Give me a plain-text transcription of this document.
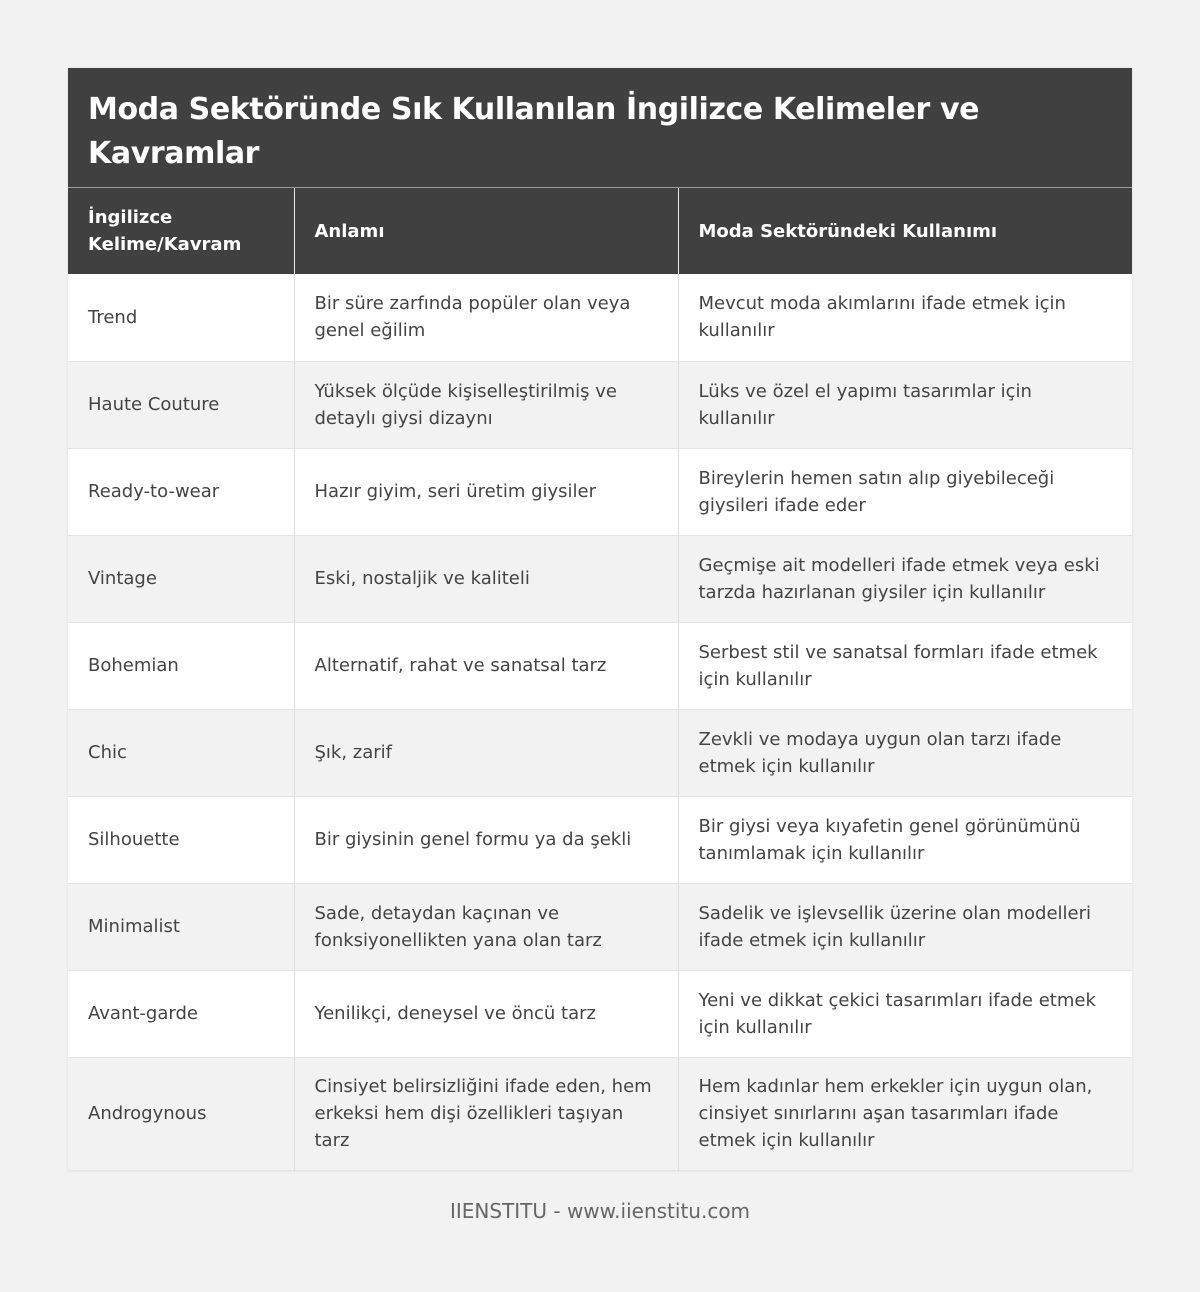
Moda Sektöründe Sık Kullanılan İngilizce Kelimeler ve Kavramlar
İngilizce Kelime/Kavram	Anlamı	Moda Sektöründeki Kullanımı
Trend	Bir süre zarfında popüler olan veya genel eğilim	Mevcut moda akımlarını ifade etmek için kullanılır
Haute Couture	Yüksek ölçüde kişiselleştirilmiş ve detaylı giysi dizaynı	Lüks ve özel el yapımı tasarımlar için kullanılır
Ready-to-wear	Hazır giyim, seri üretim giysiler	Bireylerin hemen satın alıp giyebileceği giysileri ifade eder
Vintage	Eski, nostaljik ve kaliteli	Geçmişe ait modelleri ifade etmek veya eski tarzda hazırlanan giysiler için kullanılır
Bohemian	Alternatif, rahat ve sanatsal tarz	Serbest stil ve sanatsal formları ifade etmek için kullanılır
Chic	Şık, zarif	Zevkli ve modaya uygun olan tarzı ifade etmek için kullanılır
Silhouette	Bir giysinin genel formu ya da şekli	Bir giysi veya kıyafetin genel görünümünü tanımlamak için kullanılır
Minimalist	Sade, detaydan kaçınan ve fonksiyonellikten yana olan tarz	Sadelik ve işlevsellik üzerine olan modelleri ifade etmek için kullanılır
Avant-garde	Yenilikçi, deneysel ve öncü tarz	Yeni ve dikkat çekici tasarımları ifade etmek için kullanılır
Androgynous	Cinsiyet belirsizliğini ifade eden, hem erkeksi hem dişi özellikleri taşıyan tarz	Hem kadınlar hem erkekler için uygun olan, cinsiyet sınırlarını aşan tasarımları ifade etmek için kullanılır
IIENSTITU - www.iienstitu.com
